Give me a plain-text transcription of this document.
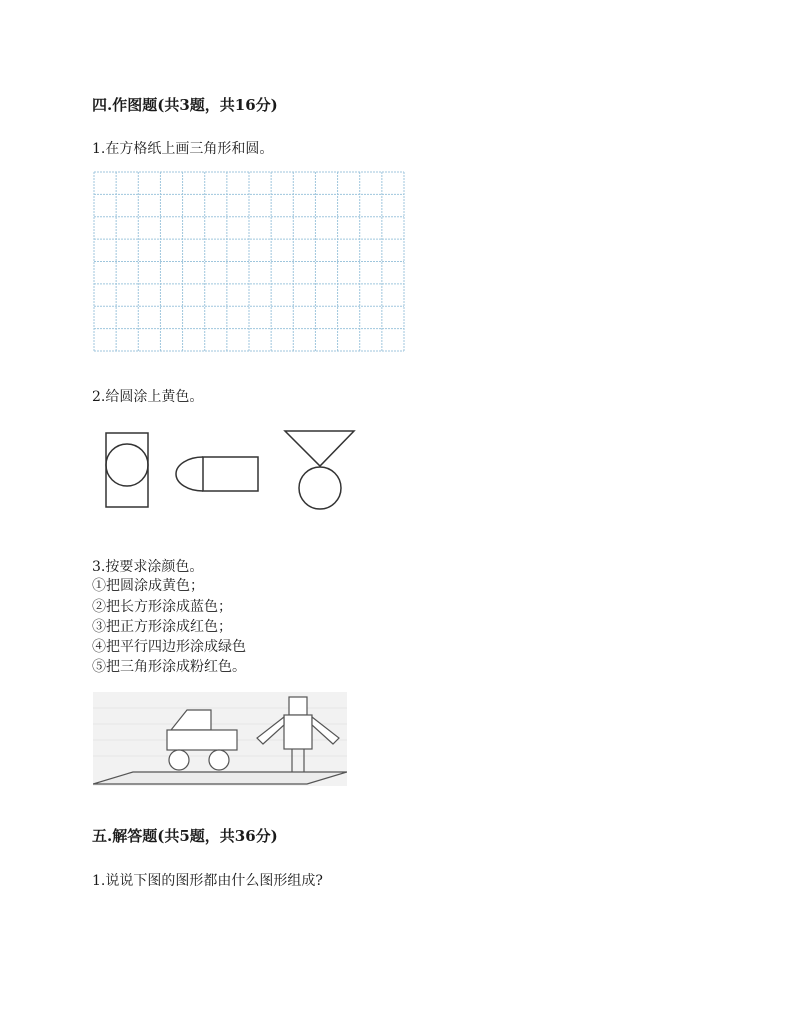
四.作图题(共3题，共16分)
1.在方格纸上画三角形和圆。
2.给圆涂上黄色。
3.按要求涂颜色。
①把圆涂成黄色；
②把长方形涂成蓝色；
③把正方形涂成红色；
④把平行四边形涂成绿色
⑤把三角形涂成粉红色。
五.解答题(共5题，共36分)
1.说说下图的图形都由什么图形组成?
